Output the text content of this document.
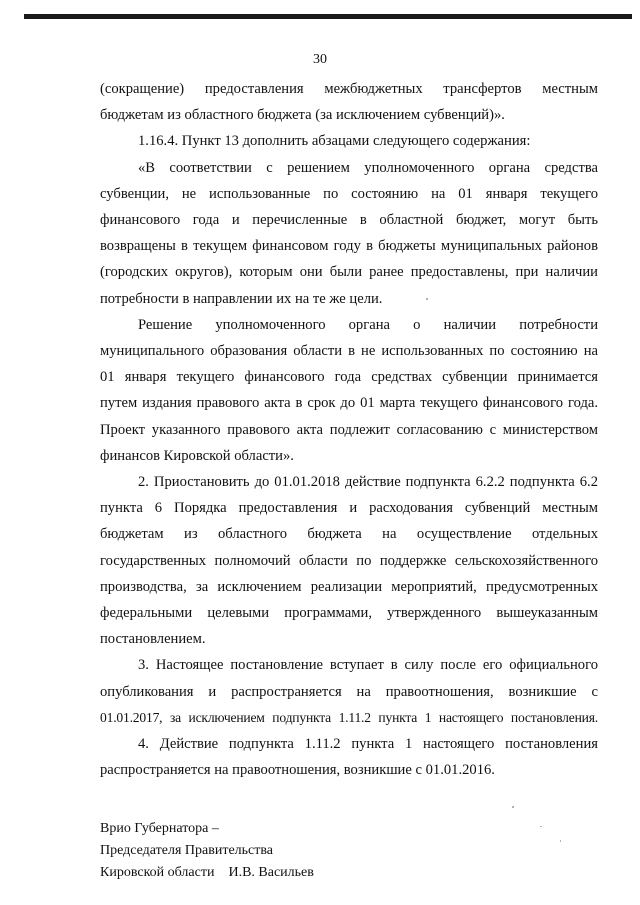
30
(сокращение) предоставления межбюджетных трансфертов местным
бюджетам из областного бюджета (за исключением субвенций)».
1.16.4. Пункт 13 дополнить абзацами следующего содержания:
«В соответствии с решением уполномоченного органа средства
субвенции, не использованные по состоянию на 01 января текущего
финансового года и перечисленные в областной бюджет, могут быть
возвращены в текущем финансовом году в бюджеты муниципальных районов
(городских округов), которым они были ранее предоставлены, при наличии
потребности в направлении их на те же цели.
Решение уполномоченного органа о наличии потребности
муниципального образования области в не использованных по состоянию на
01 января текущего финансового года средствах субвенции принимается
путем издания правового акта в срок до 01 марта текущего финансового года.
Проект указанного правового акта подлежит согласованию с министерством
финансов Кировской области».
2. Приостановить до 01.01.2018 действие подпункта 6.2.2 подпункта 6.2
пункта 6 Порядка предоставления и расходования субвенций местным
бюджетам из областного бюджета на осуществление отдельных
государственных полномочий области по поддержке сельскохозяйственного
производства, за исключением реализации мероприятий, предусмотренных
федеральными целевыми программами, утвержденного вышеуказанным
постановлением.
3. Настоящее постановление вступает в силу после его официального
опубликования и распространяется на правоотношения, возникшие с
01.01.2017, за исключением подпункта 1.11.2 пункта 1 настоящего постановления.
4. Действие подпункта 1.11.2 пункта 1 настоящего постановления
распространяется на правоотношения, возникшие с 01.01.2016.
Врио Губернатора –
Председателя Правительства
Кировской области    И.В. Васильев
